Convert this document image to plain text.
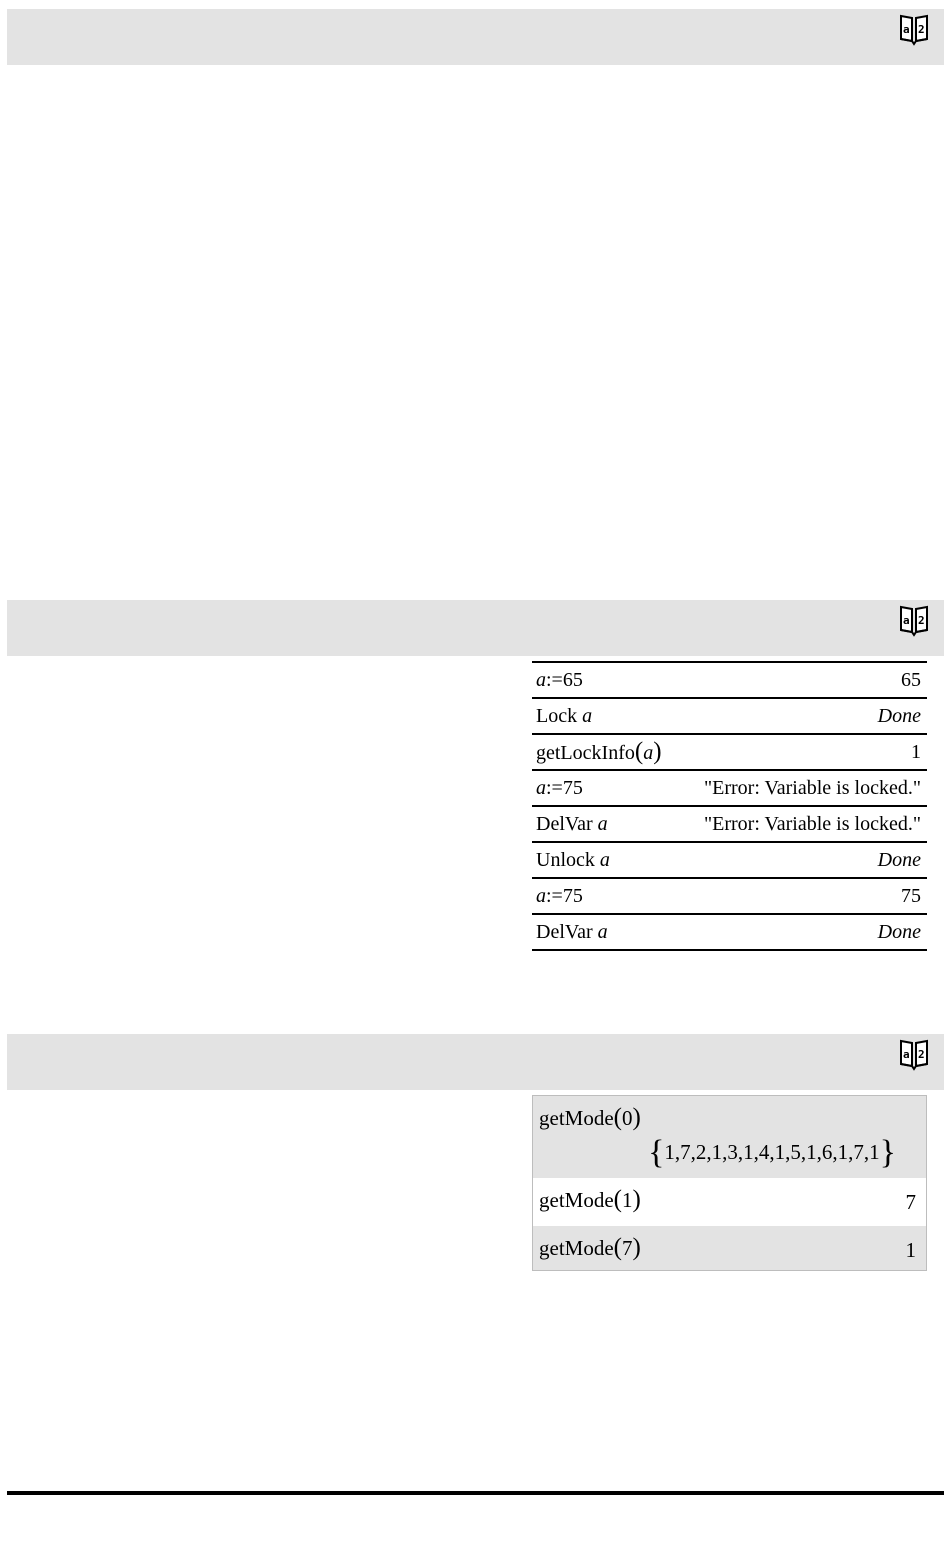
a 2
a 2
a:=65	65
Lock a	Done
getLockInfo(a)	1
a:=75	"Error: Variable is locked."
DelVar a	"Error: Variable is locked."
Unlock a	Done
a:=75	75
DelVar a	Done
a 2
getMode(0)
{1,7,2,1,3,1,4,1,5,1,6,1,7,1}
getMode(1)	7
getMode(7)	1
